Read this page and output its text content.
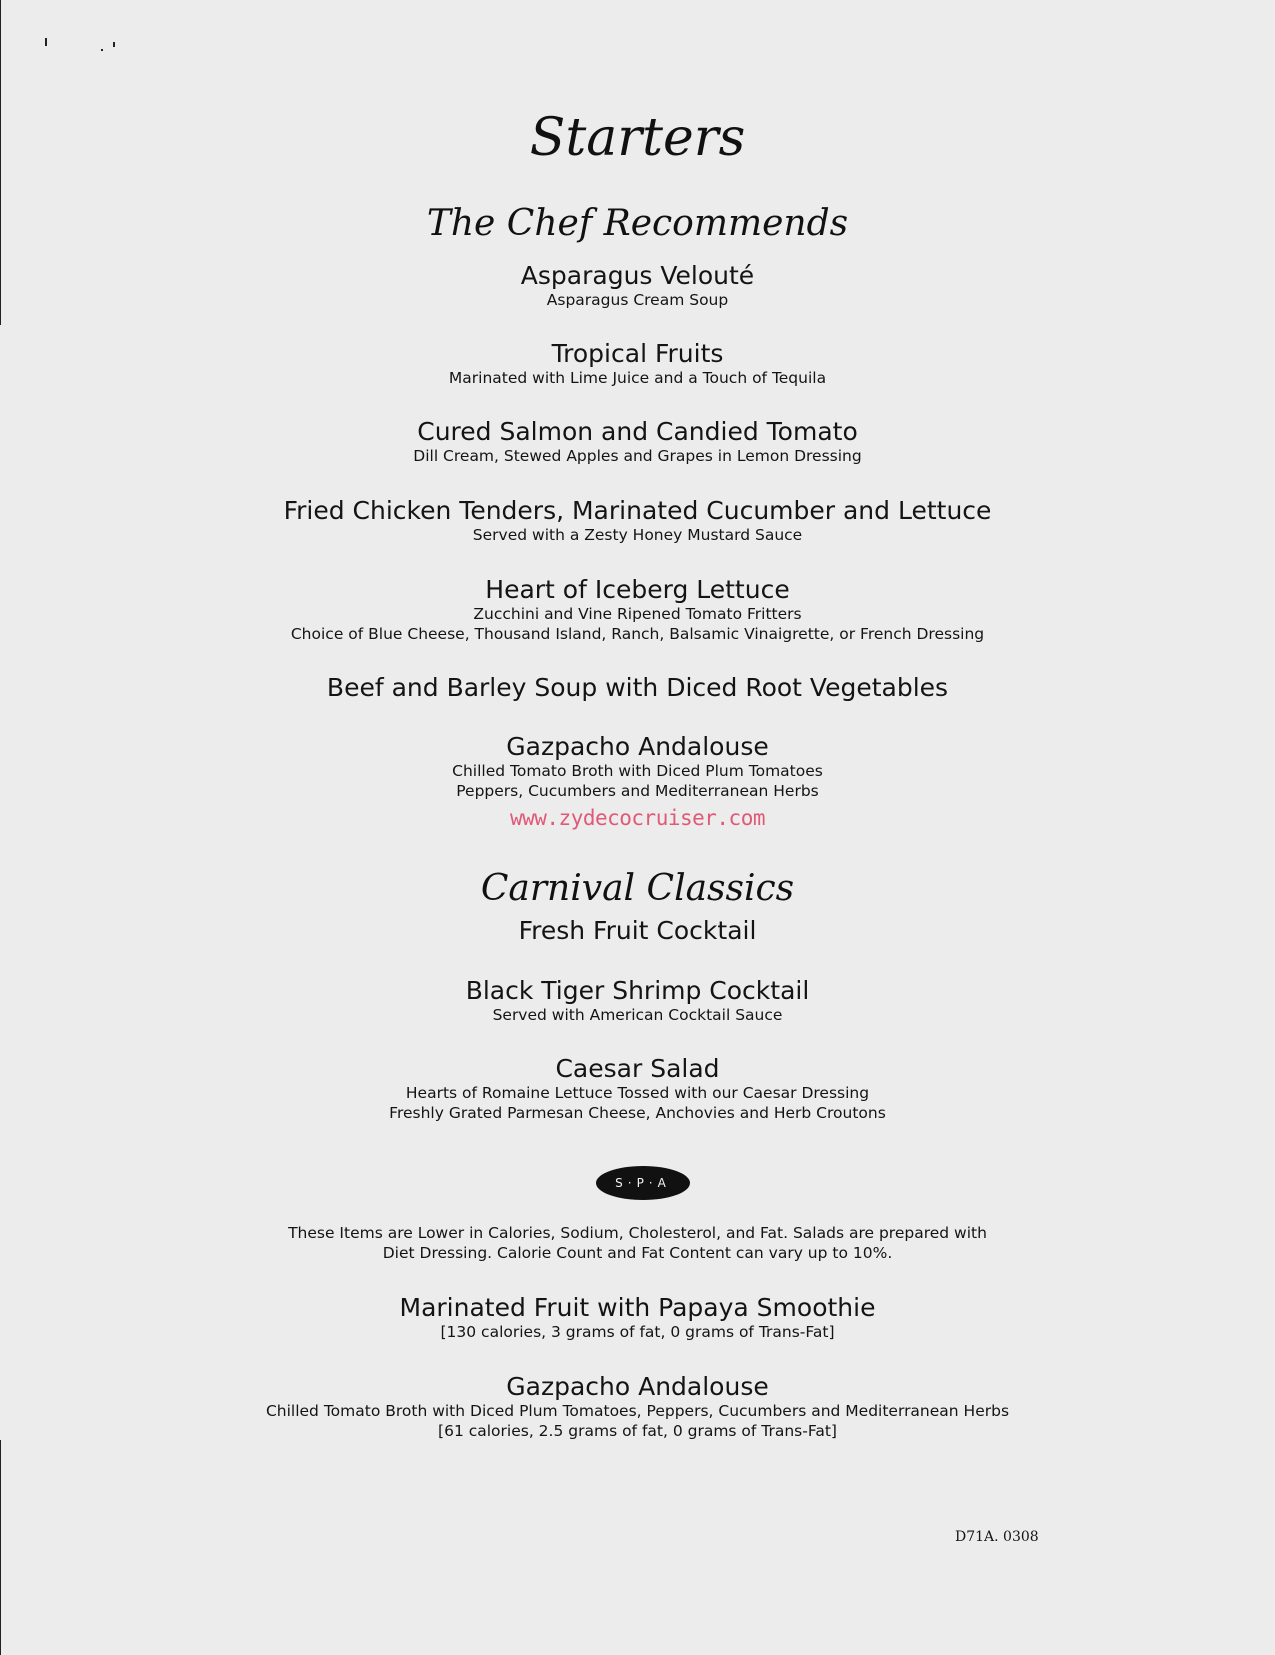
Starters
The Chef Recommends
Asparagus Velouté
Asparagus Cream Soup
Tropical Fruits
Marinated with Lime Juice and a Touch of Tequila
Cured Salmon and Candied Tomato
Dill Cream, Stewed Apples and Grapes in Lemon Dressing
Fried Chicken Tenders, Marinated Cucumber and Lettuce
Served with a Zesty Honey Mustard Sauce
Heart of Iceberg Lettuce
Zucchini and Vine Ripened Tomato Fritters
Choice of Blue Cheese, Thousand Island, Ranch, Balsamic Vinaigrette, or French Dressing
Beef and Barley Soup with Diced Root Vegetables
Gazpacho Andalouse
Chilled Tomato Broth with Diced Plum Tomatoes
Peppers, Cucumbers and Mediterranean Herbs
www.zydecocruiser.com
Carnival Classics
Fresh Fruit Cocktail
Black Tiger Shrimp Cocktail
Served with American Cocktail Sauce
Caesar Salad
Hearts of Romaine Lettuce Tossed with our Caesar Dressing
Freshly Grated Parmesan Cheese, Anchovies and Herb Croutons
S·P·A
These Items are Lower in Calories, Sodium, Cholesterol, and Fat. Salads are prepared with
Diet Dressing. Calorie Count and Fat Content can vary up to 10%.
Marinated Fruit with Papaya Smoothie
[130 calories, 3 grams of fat, 0 grams of Trans-Fat]
Gazpacho Andalouse
Chilled Tomato Broth with Diced Plum Tomatoes, Peppers, Cucumbers and Mediterranean Herbs
[61 calories, 2.5 grams of fat, 0 grams of Trans-Fat]
D71A. 0308
